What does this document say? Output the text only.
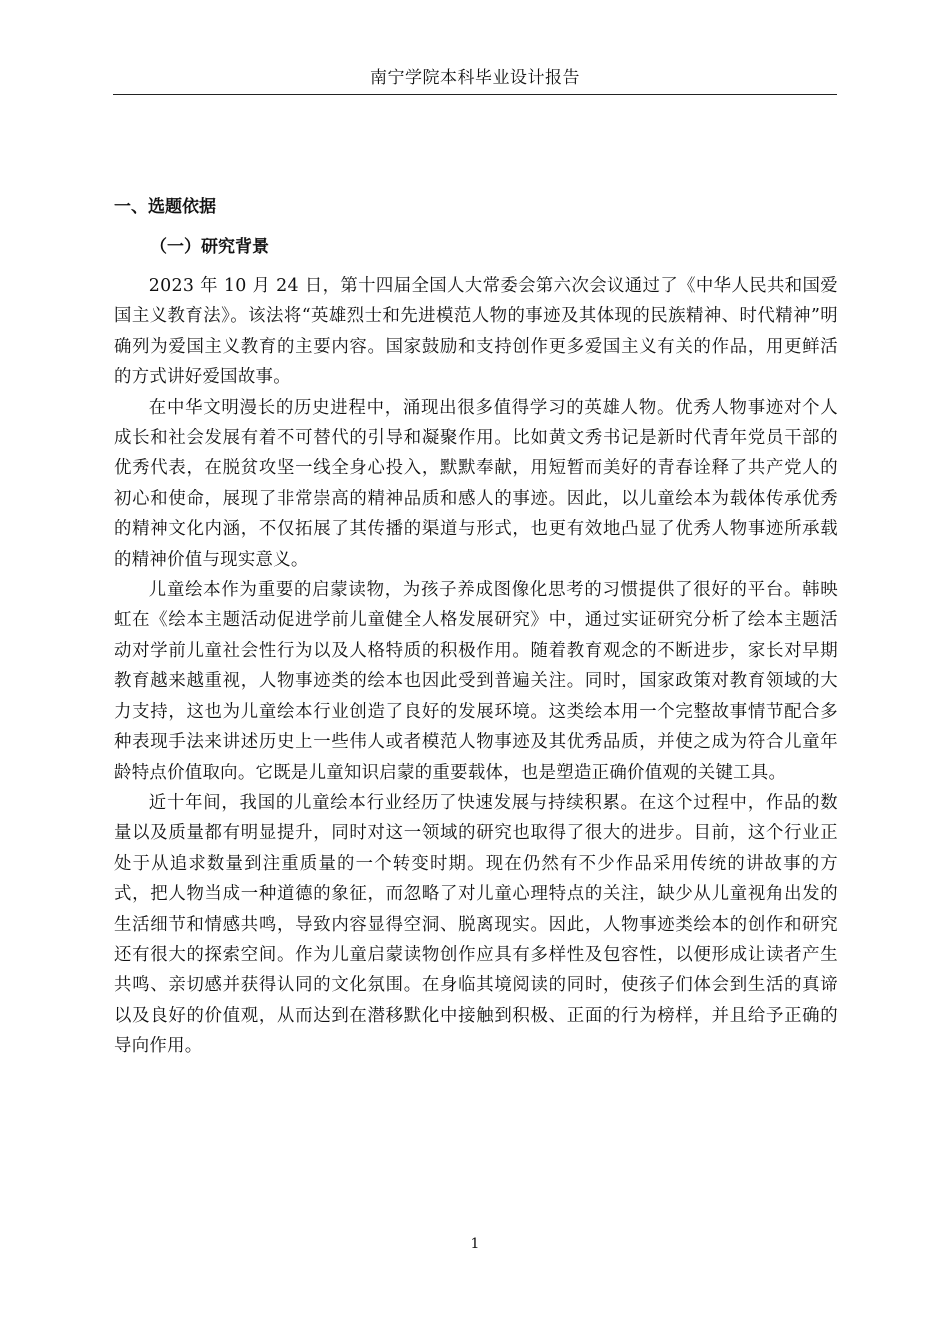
南宁学院本科毕业设计报告
一、选题依据
（一）研究背景

2023 年 10 月 24 日，第十四届全国人大常委会第六次会议通过了《中华人民共和国爱国主义教育法》。该法将“英雄烈士和先进模范人物的事迹及其体现的民族精神、时代精神”明确列为爱国主义教育的主要内容。国家鼓励和支持创作更多爱国主义有关的作品，用更鲜活的方式讲好爱国故事。

在中华文明漫长的历史进程中，涌现出很多值得学习的英雄人物。优秀人物事迹对个人成长和社会发展有着不可替代的引导和凝聚作用。比如黄文秀书记是新时代青年党员干部的优秀代表，在脱贫攻坚一线全身心投入，默默奉献，用短暂而美好的青春诠释了共产党人的初心和使命，展现了非常崇高的精神品质和感人的事迹。因此，以儿童绘本为载体传承优秀的精神文化内涵，不仅拓展了其传播的渠道与形式，也更有效地凸显了优秀人物事迹所承载的精神价值与现实意义。

儿童绘本作为重要的启蒙读物，为孩子养成图像化思考的习惯提供了很好的平台。韩映虹在《绘本主题活动促进学前儿童健全人格发展研究》中，通过实证研究分析了绘本主题活动对学前儿童社会性行为以及人格特质的积极作用。随着教育观念的不断进步，家长对早期教育越来越重视，人物事迹类的绘本也因此受到普遍关注。同时，国家政策对教育领域的大力支持，这也为儿童绘本行业创造了良好的发展环境。这类绘本用一个完整故事情节配合多种表现手法来讲述历史上一些伟人或者模范人物事迹及其优秀品质，并使之成为符合儿童年龄特点价值取向。它既是儿童知识启蒙的重要载体，也是塑造正确价值观的关键工具。

近十年间，我国的儿童绘本行业经历了快速发展与持续积累。在这个过程中，作品的数量以及质量都有明显提升，同时对这一领域的研究也取得了很大的进步。目前，这个行业正处于从追求数量到注重质量的一个转变时期。现在仍然有不少作品采用传统的讲故事的方式，把人物当成一种道德的象征，而忽略了对儿童心理特点的关注，缺少从儿童视角出发的生活细节和情感共鸣，导致内容显得空洞、脱离现实。因此，人物事迹类绘本的创作和研究还有很大的探索空间。作为儿童启蒙读物创作应具有多样性及包容性，以便形成让读者产生共鸣、亲切感并获得认同的文化氛围。在身临其境阅读的同时，使孩子们体会到生活的真谛以及良好的价值观，从而达到在潜移默化中接触到积极、正面的行为榜样，并且给予正确的导向作用。

1
